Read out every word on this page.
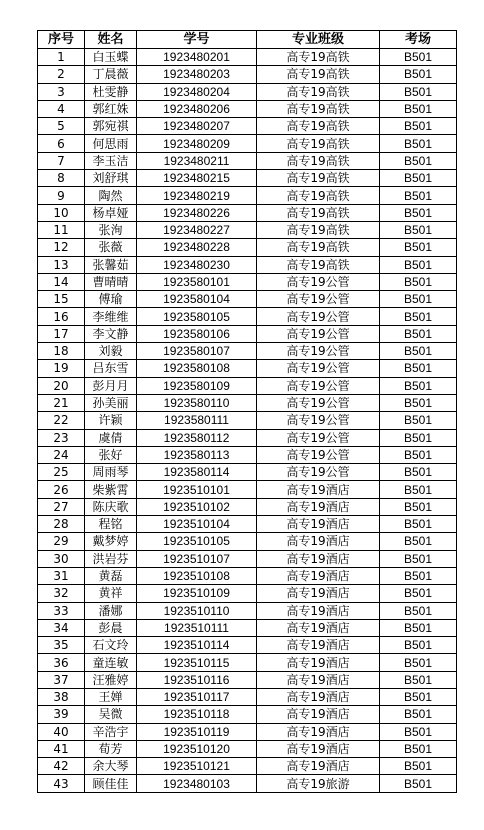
序号	姓名	学号	专业班级	考场
1	白玉蝶	1923480201	高专19高铁	B501
2	丁晨薇	1923480203	高专19高铁	B501
3	杜雯静	1923480204	高专19高铁	B501
4	郭红姝	1923480206	高专19高铁	B501
5	郭宛祺	1923480207	高专19高铁	B501
6	何思雨	1923480209	高专19高铁	B501
7	李玉洁	1923480211	高专19高铁	B501
8	刘舒琪	1923480215	高专19高铁	B501
9	陶然	1923480219	高专19高铁	B501
10	杨卓娅	1923480226	高专19高铁	B501
11	张洵	1923480227	高专19高铁	B501
12	张薇	1923480228	高专19高铁	B501
13	张馨茹	1923480230	高专19高铁	B501
14	曹晴晴	1923580101	高专19公管	B501
15	傅瑜	1923580104	高专19公管	B501
16	李维维	1923580105	高专19公管	B501
17	李文静	1923580106	高专19公管	B501
18	刘毅	1923580107	高专19公管	B501
19	吕东雪	1923580108	高专19公管	B501
20	彭月月	1923580109	高专19公管	B501
21	孙美丽	1923580110	高专19公管	B501
22	许颖	1923580111	高专19公管	B501
23	虞倩	1923580112	高专19公管	B501
24	张好	1923580113	高专19公管	B501
25	周雨琴	1923580114	高专19公管	B501
26	柴紫霄	1923510101	高专19酒店	B501
27	陈庆歌	1923510102	高专19酒店	B501
28	程铭	1923510104	高专19酒店	B501
29	戴梦婷	1923510105	高专19酒店	B501
30	洪岩芬	1923510107	高专19酒店	B501
31	黄磊	1923510108	高专19酒店	B501
32	黄祥	1923510109	高专19酒店	B501
33	潘娜	1923510110	高专19酒店	B501
34	彭晨	1923510111	高专19酒店	B501
35	石文玲	1923510114	高专19酒店	B501
36	童连敏	1923510115	高专19酒店	B501
37	汪雅婷	1923510116	高专19酒店	B501
38	王婵	1923510117	高专19酒店	B501
39	吴微	1923510118	高专19酒店	B501
40	辛浩宇	1923510119	高专19酒店	B501
41	荀芳	1923510120	高专19酒店	B501
42	余大琴	1923510121	高专19酒店	B501
43	顾佳佳	1923480103	高专19旅游	B501
